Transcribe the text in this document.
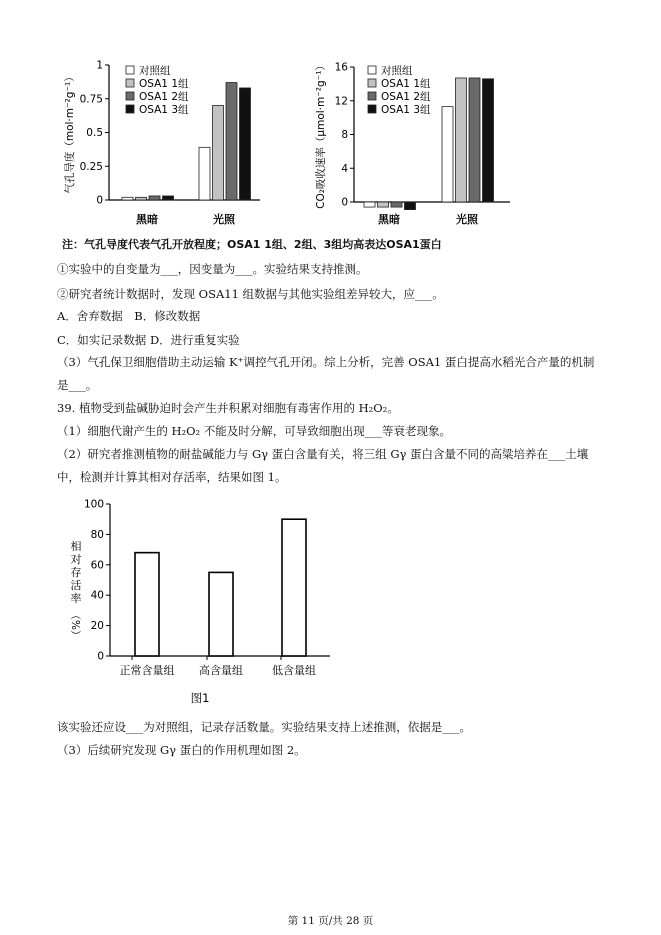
0
0.25
0.5
0.75
1
气孔导度（mol·m⁻²g⁻¹）
黑暗	光照
对照组
OSA1 1组
OSA1 2组
OSA1 3组
0
4
8
12
16
CO₂吸收速率（μmol·m⁻²g⁻¹）
黑暗	光照
对照组
OSA1 1组
OSA1 2组
OSA1 3组
注：气孔导度代表气孔开放程度；OSA1 1组、2组、3组均高表达OSA1蛋白
①实验中的自变量为___，因变量为___。实验结果支持推测。
②研究者统计数据时，发现 OSA11 组数据与其他实验组差异较大，应___。
A．舍弃数据　B．修改数据
C．如实记录数据 D．进行重复实验
（3）气孔保卫细胞借助主动运输 K⁺调控气孔开闭。综上分析，完善 OSA1 蛋白提高水稻光合产量的机制
是___。
39. 植物受到盐碱胁迫时会产生并积累对细胞有毒害作用的 H₂O₂。
（1）细胞代谢产生的 H₂O₂ 不能及时分解，可导致细胞出现___等衰老现象。
（2）研究者推测植物的耐盐碱能力与 Gγ 蛋白含量有关，将三组 Gγ 蛋白含量不同的高粱培养在___土壤
中，检测并计算其相对存活率，结果如图 1。
0
20
40
60
80
100
正常含量组 高含量组	低含量组
相
对
存
活
率
（%）
图1
该实验还应设___为对照组，记录存活数量。实验结果支持上述推测，依据是___。
（3）后续研究发现 Gγ 蛋白的作用机理如图 2。
第 11 页/共 28 页
